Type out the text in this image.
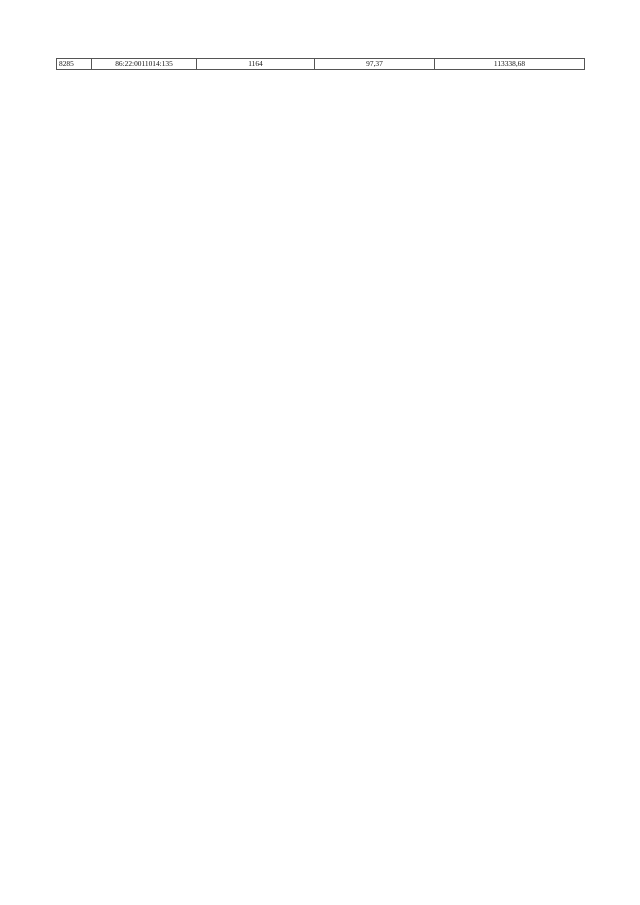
8285	86:22:0011014:135	1164	97,37	113338,68
